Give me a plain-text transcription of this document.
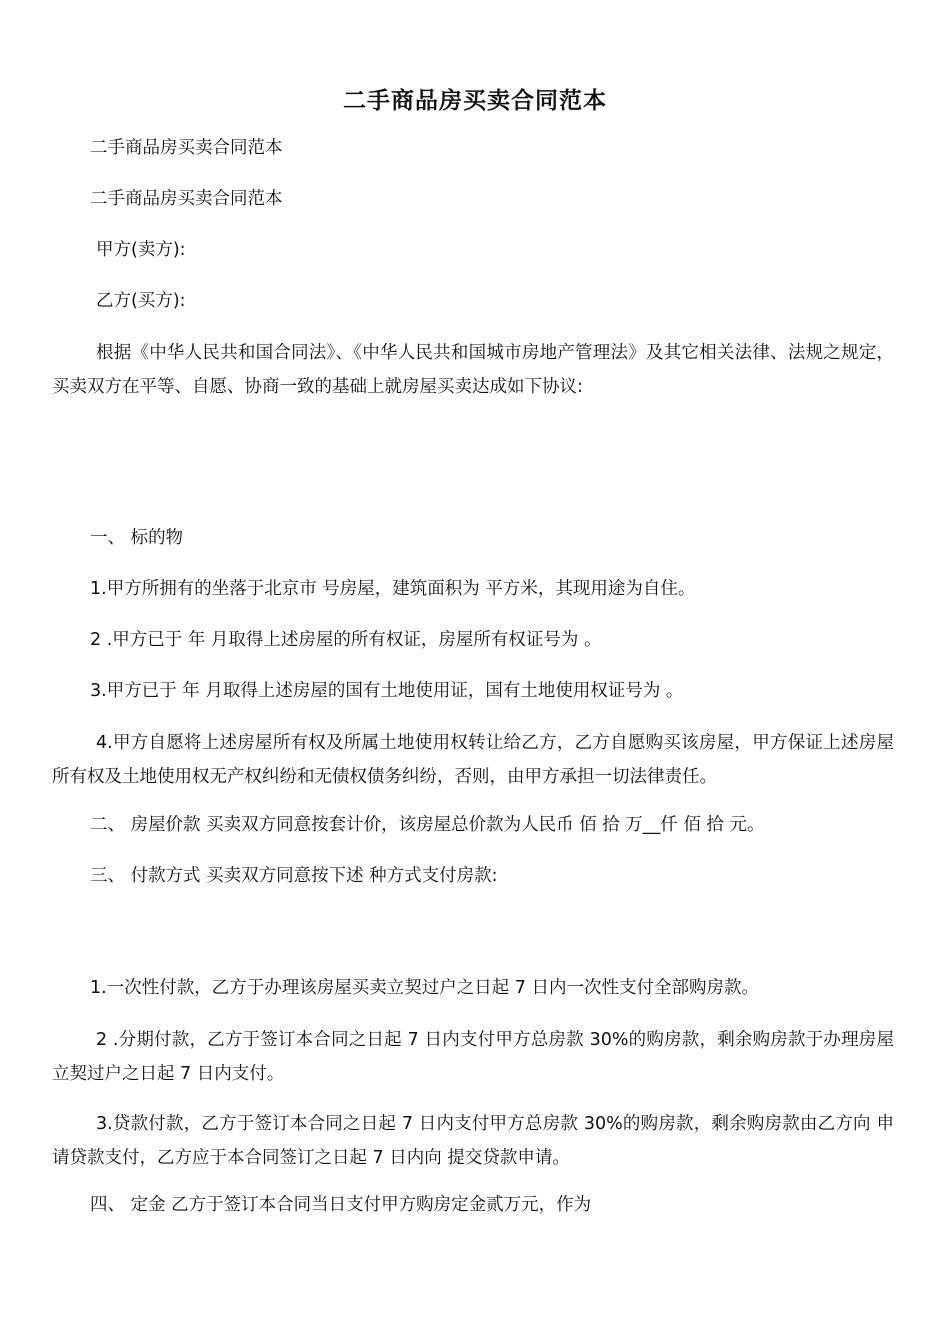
二手商品房买卖合同范本
二手商品房买卖合同范本
二手商品房买卖合同范本
甲方(卖方):
乙方(买方):
根据《中华人民共和国合同法》、《中华人民共和国城市房地产管理法》及其它相关法律、法规之规定，买卖双方在平等、自愿、协商一致的基础上就房屋买卖达成如下协议:
一、 标的物
1.甲方所拥有的坐落于北京市 号房屋，建筑面积为 平方米，其现用途为自住。
2 .甲方已于 年 月取得上述房屋的所有权证，房屋所有权证号为 。
3.甲方已于 年 月取得上述房屋的国有土地使用证，国有土地使用权证号为 。
4.甲方自愿将上述房屋所有权及所属土地使用权转让给乙方，乙方自愿购买该房屋，甲方保证上述房屋所有权及土地使用权无产权纠纷和无债权债务纠纷，否则，由甲方承担一切法律责任。
二、 房屋价款 买卖双方同意按套计价，该房屋总价款为人民币 佰 拾 万__仟 佰 拾 元。
三、 付款方式 买卖双方同意按下述 种方式支付房款:
1.一次性付款，乙方于办理该房屋买卖立契过户之日起 7 日内一次性支付全部购房款。
2 .分期付款，乙方于签订本合同之日起 7 日内支付甲方总房款 30%的购房款，剩余购房款于办理房屋立契过户之日起 7 日内支付。
3.贷款付款，乙方于签订本合同之日起 7 日内支付甲方总房款 30%的购房款，剩余购房款由乙方向 申请贷款支付，乙方应于本合同签订之日起 7 日内向 提交贷款申请。
四、 定金 乙方于签订本合同当日支付甲方购房定金贰万元，作为
